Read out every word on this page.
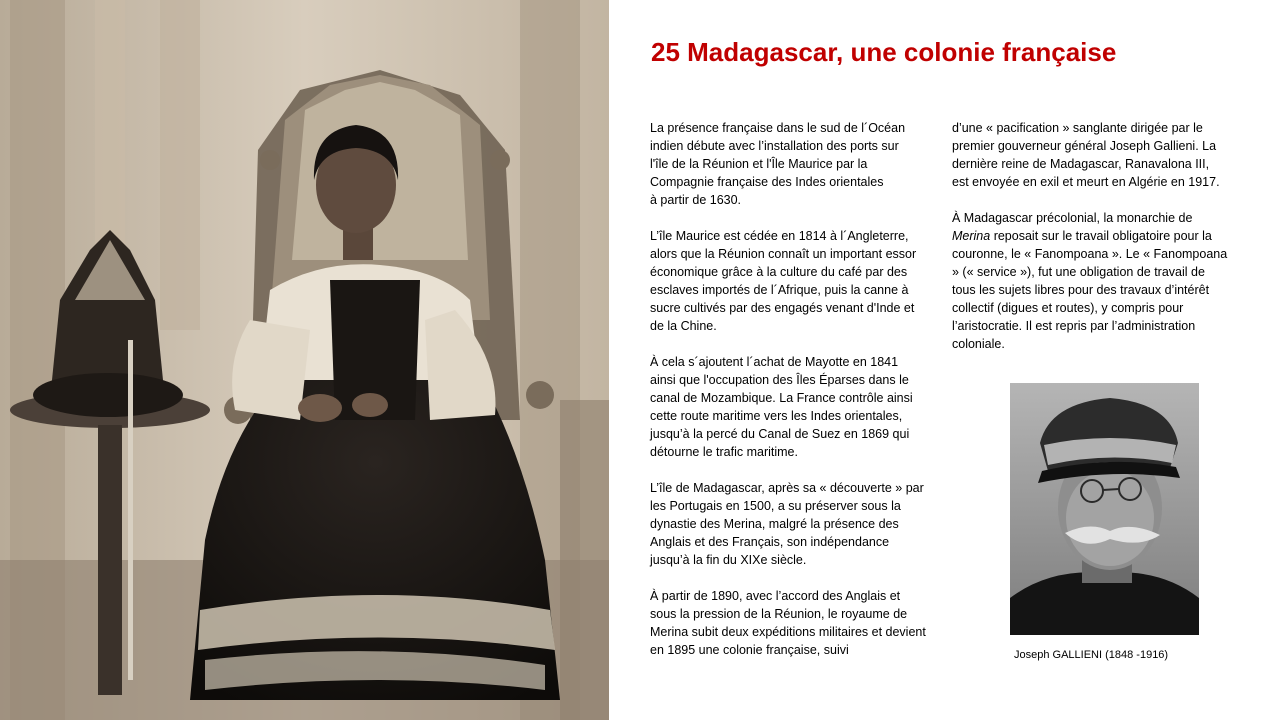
25 Madagascar, une colonie française

La présence française dans le sud de l´Océan
indien débute avec l’installation des ports sur
l'île de la Réunion et l'Île Maurice par la
Compagnie française des Indes orientales
à partir de 1630.

L’île Maurice est cédée en 1814 à l´Angleterre,
alors que la Réunion connaît un important essor
économique grâce à la culture du café par des
esclaves importés de l´Afrique, puis la canne à
sucre cultivés par des engagés venant d'Inde et
de la Chine.

À cela s´ajoutent l´achat de Mayotte en 1841
ainsi que l'occupation des Îles Éparses dans le
canal de Mozambique. La France contrôle ainsi
cette route maritime vers les Indes orientales,
jusqu’à la percé du Canal de Suez en 1869 qui
détourne le trafic maritime.

L’île de Madagascar, après sa « découverte » par
les Portugais en 1500, a su préserver sous la
dynastie des Merina, malgré la présence des
Anglais et des Français, son indépendance
jusqu’à la fin du XIXe siècle.

À partir de 1890, avec l’accord des Anglais et
sous la pression de la Réunion, le royaume de
Merina subit deux expéditions militaires et devient
en 1895 une colonie française, suivi

d’une « pacification » sanglante dirigée par le
premier gouverneur général Joseph Gallieni. La
dernière reine de Madagascar, Ranavalona III,
est envoyée en exil et meurt en Algérie en 1917.

À Madagascar précolonial, la monarchie de
Merina reposait sur le travail obligatoire pour la
couronne, le « Fanompoana ». Le « Fanompoana
» (« service »), fut une obligation de travail de
tous les sujets libres pour des travaux d’intérêt
collectif (digues et routes), y compris pour
l’aristocratie. Il est repris par l’administration
coloniale.

Joseph GALLIENI (1848 -1916)
